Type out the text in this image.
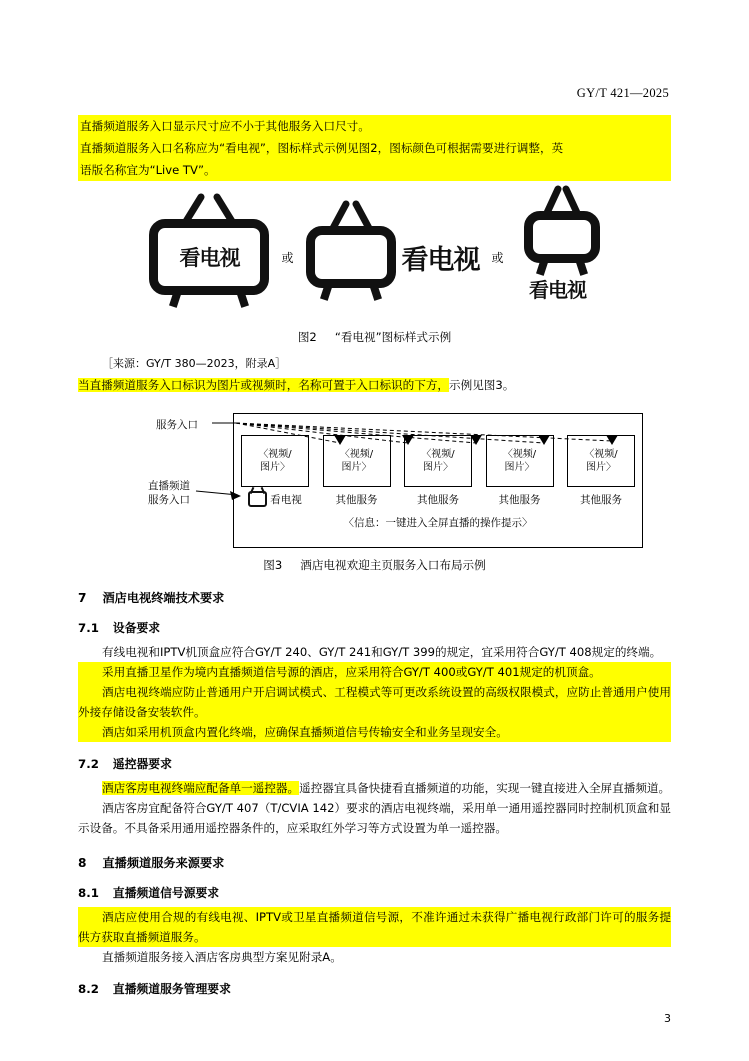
GY/T 421—2025
直播频道服务入口显示尺寸应不小于其他服务入口尺寸。
直播频道服务入口名称应为“看电视”，图标样式示例见图2，图标颜色可根据需要进行调整，英
语版名称宜为“Live TV”。
看电视	或	看电视	或
看电视
图2 “看电视”图标样式示例
［来源：GY/T 380—2023，附录A］
当直播频道服务入口标识为图片或视频时，名称可置于入口标识的下方，示例见图3。
服务入口
直播频道
服务入口
〈视频/
图片〉
〈视频/
图片〉
〈视频/
图片〉
〈视频/
图片〉
〈视频/
图片〉
看电视	其他服务	其他服务	其他服务	其他服务
〈信息：一键进入全屏直播的操作提示〉
图3 酒店电视欢迎主页服务入口布局示例
7 酒店电视终端技术要求
7.1 设备要求

有线电视和IPTV机顶盒应符合GY/T 240、GY/T 241和GY/T 399的规定，宜采用符合GY/T 408规定的终端。

采用直播卫星作为境内直播频道信号源的酒店，应采用符合GY/T 400或GY/T 401规定的机顶盒。

酒店电视终端应防止普通用户开启调试模式、工程模式等可更改系统设置的高级权限模式，应防止普通用户使用外接存储设备安装软件。

酒店如采用机顶盒内置化终端，应确保直播频道信号传输安全和业务呈现安全。

7.2 遥控器要求

酒店客房电视终端应配备单一遥控器。遥控器宜具备快捷看直播频道的功能，实现一键直接进入全屏直播频道。

酒店客房宜配备符合GY/T 407（T/CVIA 142）要求的酒店电视终端，采用单一通用遥控器同时控制机顶盒和显示设备。不具备采用通用遥控器条件的，应采取红外学习等方式设置为单一遥控器。

8 直播频道服务来源要求
8.1 直播频道信号源要求

酒店应使用合规的有线电视、IPTV或卫星直播频道信号源，不准许通过未获得广播电视行政部门许可的服务提供方获取直播频道服务。

直播频道服务接入酒店客房典型方案见附录A。

8.2 直播频道服务管理要求
3
